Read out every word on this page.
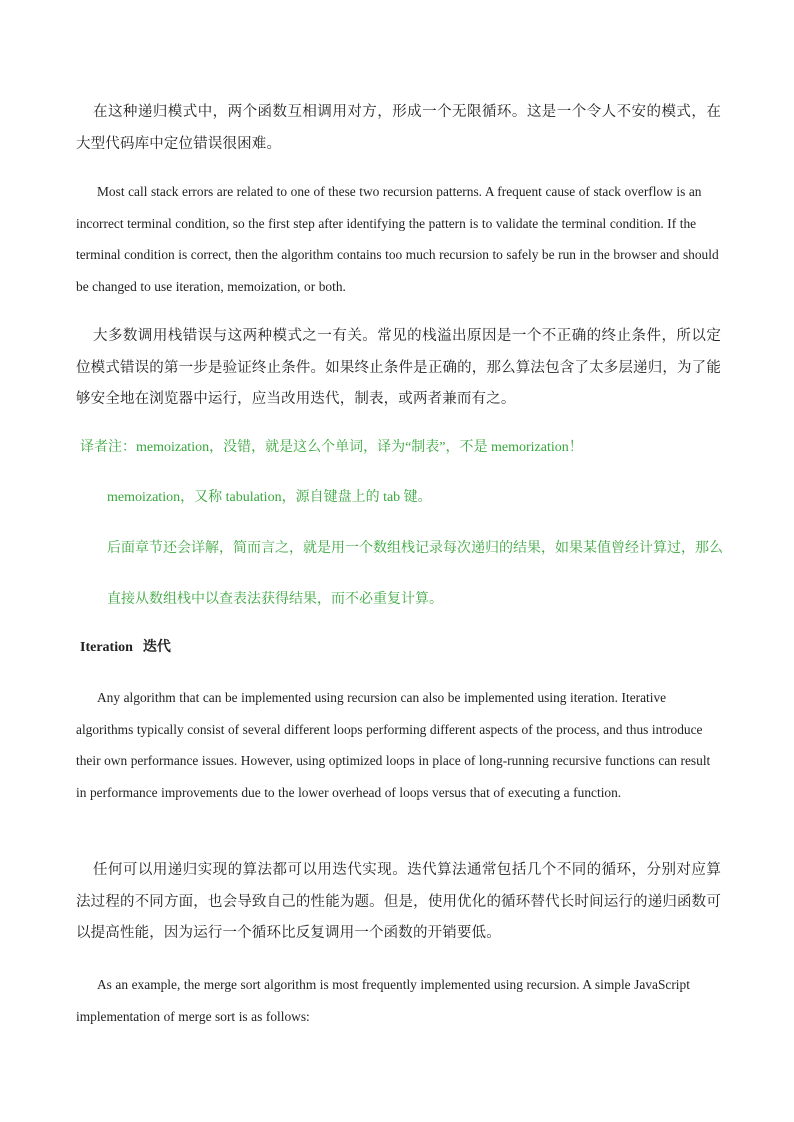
在这种递归模式中，两个函数互相调用对方，形成一个无限循环。这是一个令人不安的模式，在大型代码库中定位错误很困难。

Most call stack errors are related to one of these two recursion patterns. A frequent cause of stack overflow is an incorrect terminal condition, so the first step after identifying the pattern is to validate the terminal condition. If the terminal condition is correct, then the algorithm contains too much recursion to safely be run in the browser and should be changed to use iteration, memoization, or both.

大多数调用栈错误与这两种模式之一有关。常见的栈溢出原因是一个不正确的终止条件，所以定位模式错误的第一步是验证终止条件。如果终止条件是正确的，那么算法包含了太多层递归，为了能够安全地在浏览器中运行，应当改用迭代，制表，或两者兼而有之。

译者注：memoization，没错，就是这么个单词，译为“制表”，不是 memorization！

memoization，又称 tabulation，源自键盘上的 tab 键。

后面章节还会详解，简而言之，就是用一个数组栈记录每次递归的结果，如果某值曾经计算过，那么

直接从数组栈中以查表法获得结果，而不必重复计算。

Iteration 迭代

Any algorithm that can be implemented using recursion can also be implemented using iteration. Iterative algorithms typically consist of several different loops performing different aspects of the process, and thus introduce their own performance issues. However, using optimized loops in place of long-running recursive functions can result in performance improvements due to the lower overhead of loops versus that of executing a function.

任何可以用递归实现的算法都可以用迭代实现。迭代算法通常包括几个不同的循环，分别对应算法过程的不同方面，也会导致自己的性能为题。但是，使用优化的循环替代长时间运行的递归函数可以提高性能，因为运行一个循环比反复调用一个函数的开销要低。

As an example, the merge sort algorithm is most frequently implemented using recursion. A simple JavaScript
implementation of merge sort is as follows:
